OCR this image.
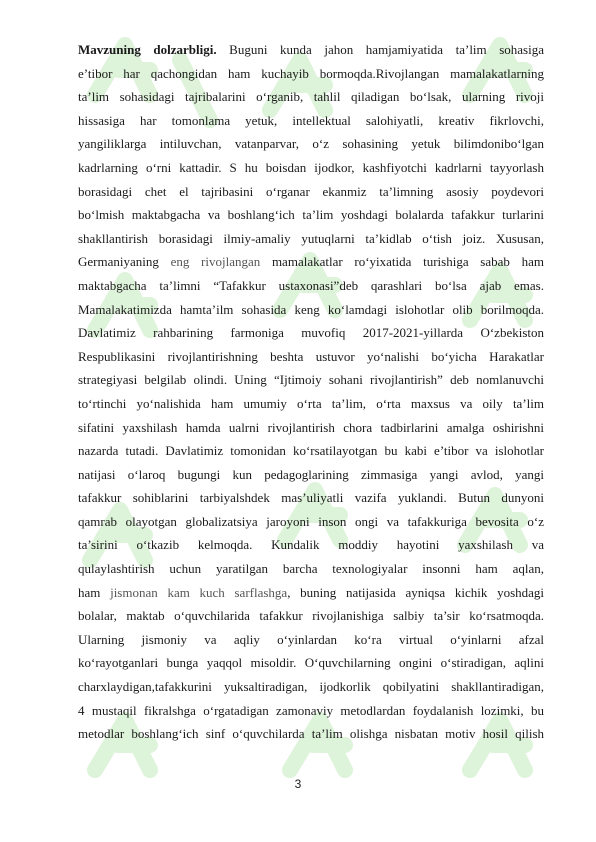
Mavzuning dolzarbligi. Buguni kunda jahon hamjamiyatida ta’lim sohasiga
e’tibor har qachongidan ham kuchayib bormoqda.Rivojlangan mamalakatlarning
ta’lim sohasidagi tajribalarini o‘rganib, tahlil qiladigan bo‘lsak, ularning rivoji
hissasiga har tomonlama yetuk, intellektual salohiyatli, kreativ fikrlovchi,
yangiliklarga intiluvchan, vatanparvar, o‘z sohasining yetuk bilimdonibo‘lgan
kadrlarning o‘rni kattadir. S hu boisdan ijodkor, kashfiyotchi kadrlarni tayyorlash
borasidagi chet el tajribasini o‘rganar ekanmiz ta’limning asosiy poydevori
bo‘lmish maktabgacha va boshlang‘ich ta’lim yoshdagi bolalarda tafakkur turlarini
shakllantirish borasidagi ilmiy-amaliy yutuqlarni ta’kidlab o‘tish joiz. Xususan,
Germaniyaning eng rivojlangan mamalakatlar ro‘yixatida turishiga sabab ham
maktabgacha ta’limni “Tafakkur ustaxonasi”deb qarashlari bo‘lsa ajab emas.
Mamalakatimizda hamta’ilm sohasida keng ko‘lamdagi islohotlar olib borilmoqda.
Davlatimiz rahbarining farmoniga muvofiq 2017-2021-yillarda O‘zbekiston
Respublikasini rivojlantirishning beshta ustuvor yo‘nalishi bo‘yicha Harakatlar
strategiyasi belgilab olindi. Uning “Ijtimoiy sohani rivojlantirish” deb nomlanuvchi
to‘rtinchi yo‘nalishida ham umumiy o‘rta ta’lim, o‘rta maxsus va oily ta’lim
sifatini yaxshilash hamda ualrni rivojlantirish chora tadbirlarini amalga oshirishni
nazarda tutadi. Davlatimiz tomonidan ko‘rsatilayotgan bu kabi e’tibor va islohotlar
natijasi o‘laroq bugungi kun pedagoglarining zimmasiga yangi avlod, yangi
tafakkur sohiblarini tarbiyalshdek mas’uliyatli vazifa yuklandi. Butun dunyoni
qamrab olayotgan globalizatsiya jaroyoni inson ongi va tafakkuriga bevosita o‘z
ta’sirini o‘tkazib kelmoqda. Kundalik moddiy hayotini yaxshilash va
qulaylashtirish uchun yaratilgan barcha texnologiyalar insonni ham aqlan,
ham jismonan kam kuch sarflashga, buning natijasida ayniqsa kichik yoshdagi
bolalar, maktab o‘quvchilarida tafakkur rivojlanishiga salbiy ta’sir ko‘rsatmoqda.
Ularning jismoniy va aqliy o‘yinlardan ko‘ra virtual o‘yinlarni afzal
ko‘rayotganlari bunga yaqqol misoldir. O‘quvchilarning ongini o‘stiradigan, aqlini
charxlaydigan,tafakkurini yuksaltiradigan, ijodkorlik qobilyatini shakllantiradigan,
4 mustaqil fikralshga o‘rgatadigan zamonaviy metodlardan foydalanish lozimki, bu
metodlar boshlang‘ich sinf o‘quvchilarda ta’lim olishga nisbatan motiv hosil qilish
3
